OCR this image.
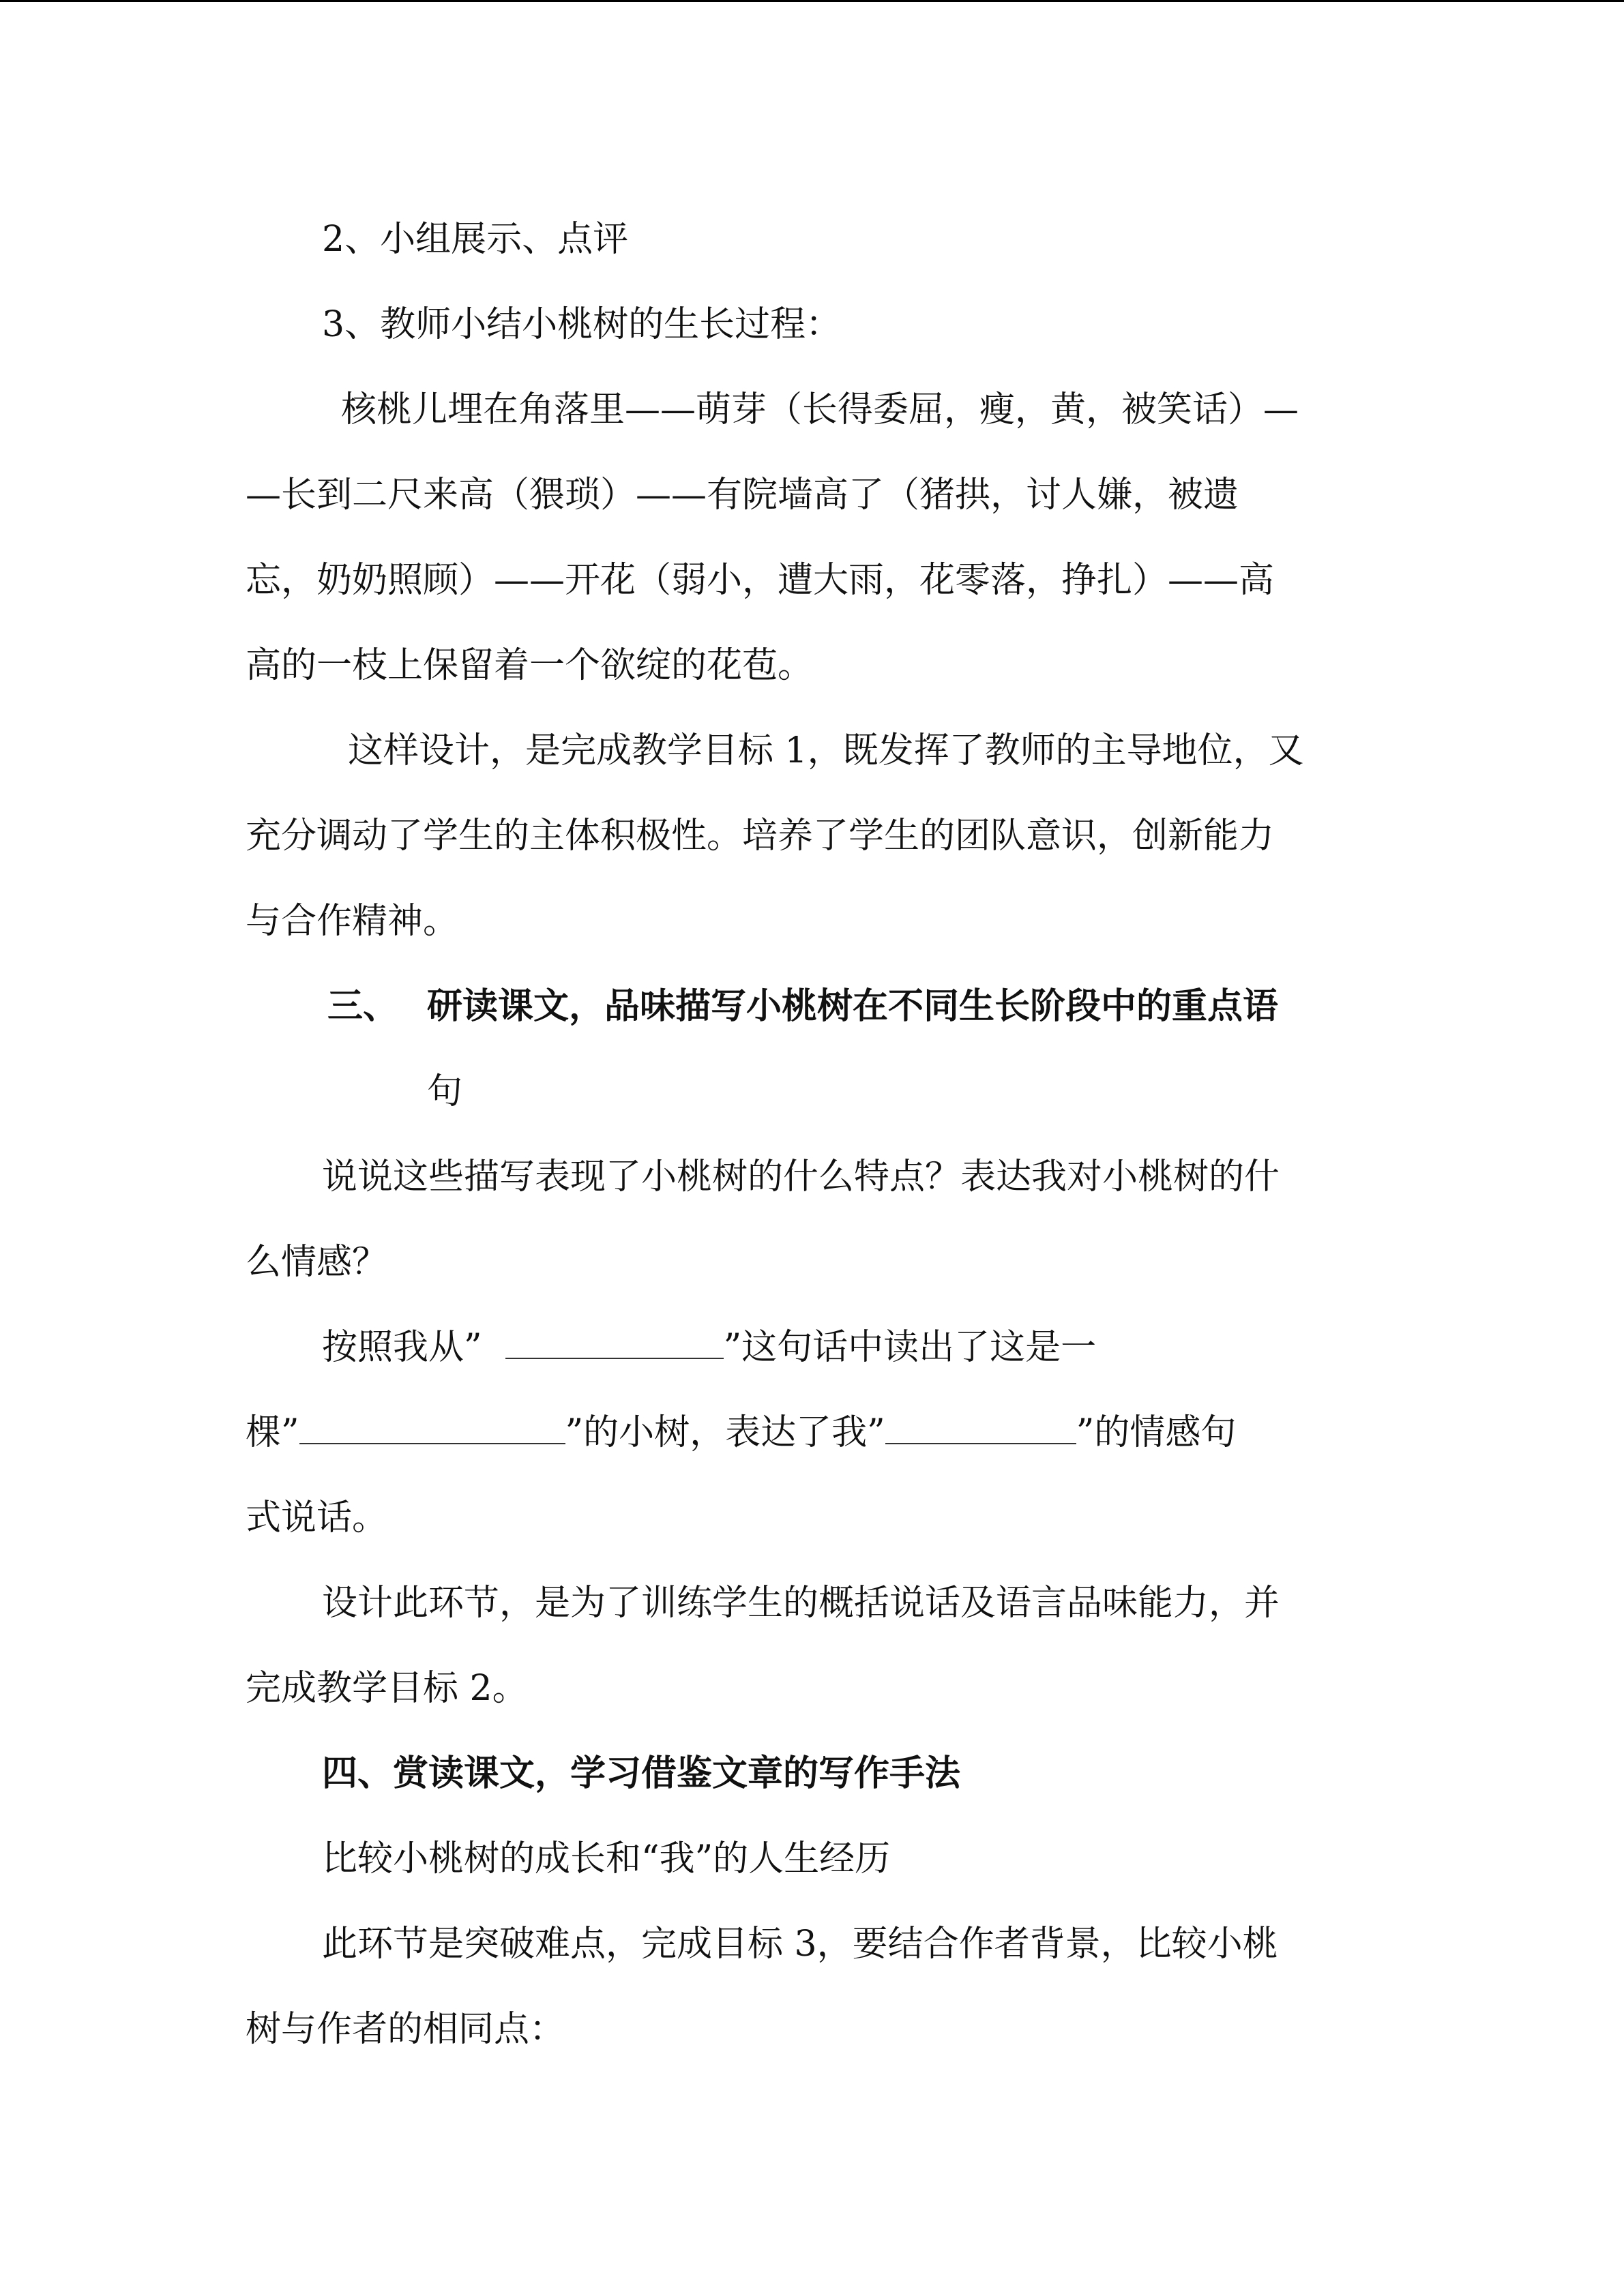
2、小组展示、点评
3、教师小结小桃树的生长过程：
核桃儿埋在角落里——萌芽（长得委屈，瘦，黄，被笑话）—
—长到二尺来高（猥琐）——有院墙高了（猪拱，讨人嫌，被遗
忘，奶奶照顾）——开花（弱小，遭大雨，花零落，挣扎）——高
高的一枝上保留着一个欲绽的花苞。
这样设计，是完成教学目标 1，既发挥了教师的主导地位，又
充分调动了学生的主体积极性。培养了学生的团队意识，创新能力
与合作精神。
三、 研读课文，品味描写小桃树在不同生长阶段中的重点语
句
说说这些描写表现了小桃树的什么特点？表达我对小桃树的什
么情感？
按照我从”	”这句话中读出了这是一
棵”	”的小树，表达了我”	”的情感句
式说话。
设计此环节，是为了训练学生的概括说话及语言品味能力，并
完成教学目标 2。
四、赏读课文，学习借鉴文章的写作手法
比较小桃树的成长和“我”的人生经历
此环节是突破难点，完成目标 3，要结合作者背景，比较小桃
树与作者的相同点：
